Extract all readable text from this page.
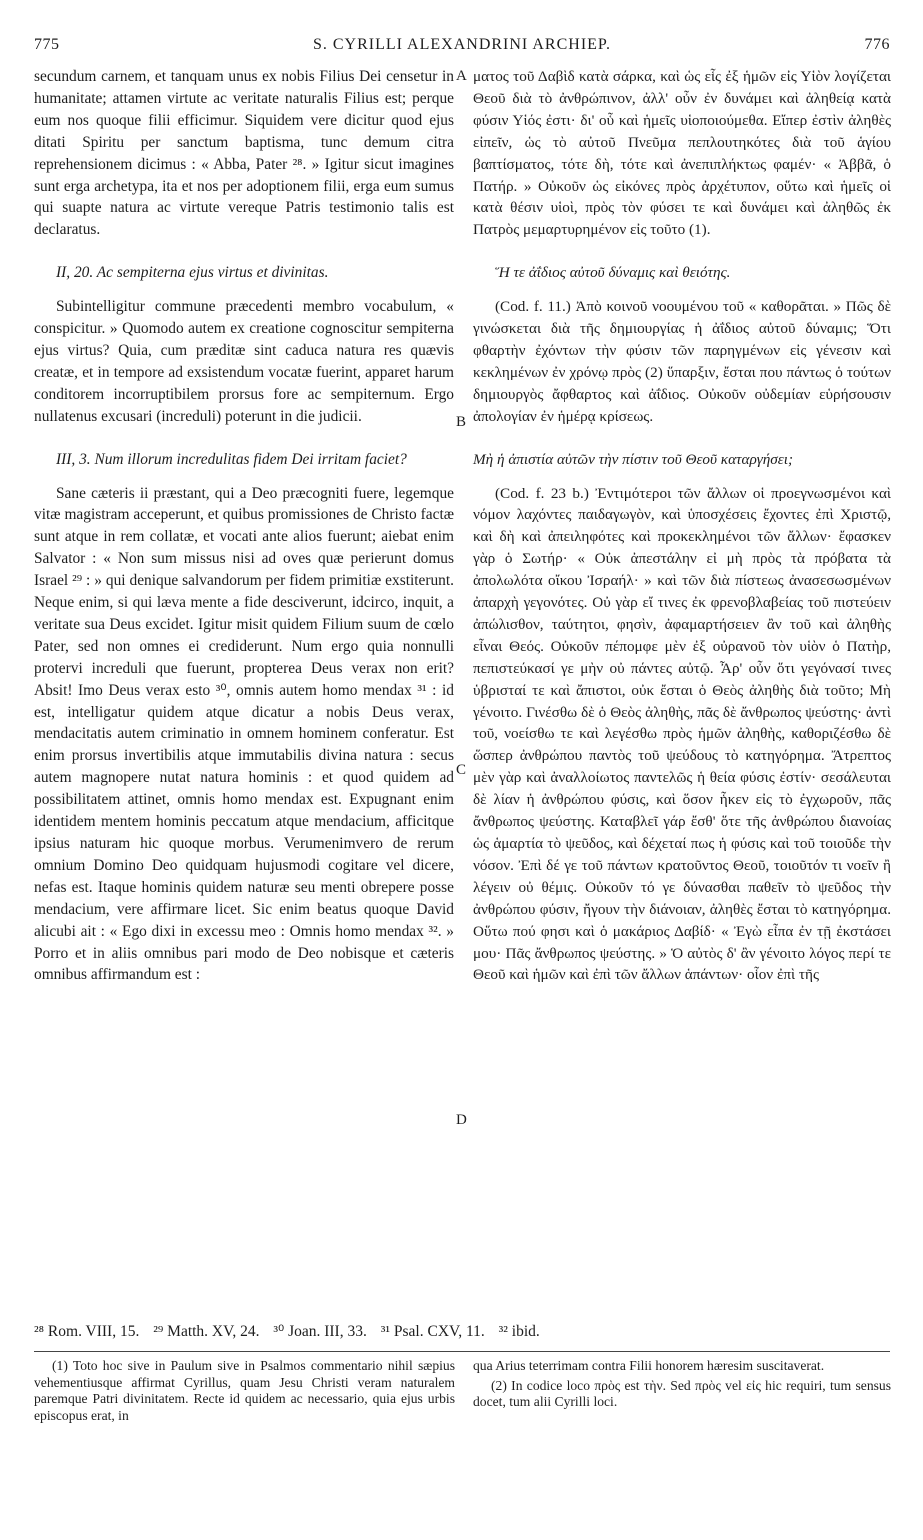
775	S. CYRILLI ALEXANDRINI ARCHIEP.	776

secundum carnem, et tanquam unus ex nobis Filius Dei censetur in humanitate; attamen virtute ac veritate naturalis Filius est; perque eum nos quoque filii efficimur. Siquidem vere dicitur quod ejus ditati Spiritu per sanctum baptisma, tunc demum citra reprehensionem dicimus : « Abba, Pater ²⁸. » Igitur sicut imagines sunt erga archetypa, ita et nos per adoptionem filii, erga eum sumus qui suapte natura ac virtute vereque Patris testimonio talis est declaratus.

II, 20. Ac sempiterna ejus virtus et divinitas.

Subintelligitur commune præcedenti membro vocabulum, « conspicitur. » Quomodo autem ex creatione cognoscitur sempiterna ejus virtus? Quia, cum præditæ sint caduca natura res quævis creatæ, et in tempore ad exsistendum vocatæ fuerint, apparet harum conditorem incorruptibilem prorsus fore ac sempiternum. Ergo nullatenus excusari (increduli) poterunt in die judicii.

III, 3. Num illorum incredulitas fidem Dei irritam faciet?

Sane cæteris ii præstant, qui a Deo præcogniti fuere, legemque vitæ magistram acceperunt, et quibus promissiones de Christo factæ sunt atque in rem collatæ, et vocati ante alios fuerunt; aiebat enim Salvator : « Non sum missus nisi ad oves quæ perierunt domus Israel ²⁹ : » qui denique salvandorum per fidem primitiæ exstiterunt. Neque enim, si qui læva mente a fide desciverunt, idcirco, inquit, a veritate sua Deus excidet. Igitur misit quidem Filium suum de cœlo Pater, sed non omnes ei crediderunt. Num ergo quia nonnulli protervi increduli que fuerunt, propterea Deus verax non erit? Absit! Imo Deus verax esto ³⁰, omnis autem homo mendax ³¹ : id est, intelligatur quidem atque dicatur a nobis Deus verax, mendacitatis autem criminatio in omnem hominem conferatur. Est enim prorsus invertibilis atque immutabilis divina natura : secus autem magnopere nutat natura hominis : et quod quidem ad possibilitatem attinet, omnis homo mendax est. Expugnant enim identidem mentem hominis peccatum atque mendacium, afficitque ipsius naturam hic quoque morbus. Verumenimvero de rerum omnium Domino Deo quidquam hujusmodi cogitare vel dicere, nefas est. Itaque hominis quidem naturæ seu menti obrepere posse mendacium, vere affirmare licet. Sic enim beatus quoque David alicubi ait : « Ego dixi in excessu meo : Omnis homo mendax ³². » Porro et in aliis omnibus pari modo de Deo nobisque et cæteris omnibus affirmandum est :

A
B
C
D

ματος τοῦ Δαβὶδ κατὰ σάρκα, καὶ ὡς εἷς ἐξ ἡμῶν εἰς Υἱὸν λογίζεται Θεοῦ διὰ τὸ ἀνθρώπινον, ἀλλ' οὖν ἐν δυνάμει καὶ ἀληθείᾳ κατὰ φύσιν Υἱός ἐστι· δι' οὗ καὶ ἡμεῖς υἱοποιούμεθα. Εἴπερ ἐστὶν ἀληθὲς εἰπεῖν, ὡς τὸ αὐτοῦ Πνεῦμα πεπλουτηκότες διὰ τοῦ ἁγίου βαπτίσματος, τότε δὴ, τότε καὶ ἀνεπιπλήκτως φαμέν· « Ἀββᾶ, ὁ Πατήρ. » Οὐκοῦν ὡς εἰκόνες πρὸς ἀρχέτυπον, οὕτω καὶ ἡμεῖς οἱ κατὰ θέσιν υἱοὶ, πρὸς τὸν φύσει τε καὶ δυνάμει καὶ ἀληθῶς ἐκ Πατρὸς μεμαρτυρημένον εἰς τοῦτο (1).

Ἥ τε ἀΐδιος αὐτοῦ δύναμις καὶ θειότης.

(Cod. f. 11.) Ἀπὸ κοινοῦ νοουμένου τοῦ « καθορᾶται. » Πῶς δὲ γινώσκεται διὰ τῆς δημιουργίας ἡ ἀΐδιος αὐτοῦ δύναμις; Ὅτι φθαρτὴν ἐχόντων τὴν φύσιν τῶν παρηγμένων εἰς γένεσιν καὶ κεκλημένων ἐν χρόνῳ πρὸς (2) ὕπαρξιν, ἔσται που πάντως ὁ τούτων δημιουργὸς ἄφθαρτος καὶ ἀΐδιος. Οὐκοῦν οὐδεμίαν εὑρήσουσιν ἀπολογίαν ἐν ἡμέρᾳ κρίσεως.

Μὴ ἡ ἀπιστία αὐτῶν τὴν πίστιν τοῦ Θεοῦ καταργήσει;

(Cod. f. 23 b.) Ἐντιμότεροι τῶν ἄλλων οἱ προεγνωσμένοι καὶ νόμον λαχόντες παιδαγωγὸν, καὶ ὑποσχέσεις ἔχοντες ἐπὶ Χριστῷ, καὶ δὴ καὶ ἀπειληφότες καὶ προκεκλημένοι τῶν ἄλλων· ἔφασκεν γὰρ ὁ Σωτήρ· « Οὐκ ἀπεστάλην εἰ μὴ πρὸς τὰ πρόβατα τὰ ἀπολωλότα οἴκου Ἰσραήλ· » καὶ τῶν διὰ πίστεως ἀνασεσωσμένων ἀπαρχὴ γεγονότες. Οὐ γὰρ εἴ τινες ἐκ φρενοβλαβείας τοῦ πιστεύειν ἀπώλισθον, ταύτητοι, φησὶν, ἀφαμαρτήσειεν ἂν τοῦ καὶ ἀληθὴς εἶναι Θεός. Οὐκοῦν πέπομφε μὲν ἐξ οὐρανοῦ τὸν υἱὸν ὁ Πατὴρ, πεπιστεύκασί γε μὴν οὐ πάντες αὐτῷ. Ἆρ' οὖν ὅτι γεγόνασί τινες ὑβρισταί τε καὶ ἄπιστοι, οὐκ ἔσται ὁ Θεὸς ἀληθὴς διὰ τοῦτο; Μὴ γένοιτο. Γινέσθω δὲ ὁ Θεὸς ἀληθὴς, πᾶς δὲ ἄνθρωπος ψεύστης· ἀντὶ τοῦ, νοείσθω τε καὶ λεγέσθω πρὸς ἡμῶν ἀληθὴς, καθοριζέσθω δὲ ὥσπερ ἀνθρώπου παντὸς τοῦ ψεύδους τὸ κατηγόρημα. Ἄτρεπτος μὲν γὰρ καὶ ἀναλλοίωτος παντελῶς ἡ θεία φύσις ἐστίν· σεσάλευται δὲ λίαν ἡ ἀνθρώπου φύσις, καὶ ὅσον ἧκεν εἰς τὸ ἐγχωροῦν, πᾶς ἄνθρωπος ψεύστης. Καταβλεῖ γάρ ἔσθ' ὅτε τῆς ἀνθρώπου διανοίας ὡς ἁμαρτία τὸ ψεῦδος, καὶ δέχεταί πως ἡ φύσις καὶ τοῦ τοιοῦδε τὴν νόσον. Ἐπὶ δέ γε τοῦ πάντων κρατοῦντος Θεοῦ, τοιοῦτόν τι νοεῖν ἢ λέγειν οὐ θέμις. Οὐκοῦν τό γε δύνασθαι παθεῖν τὸ ψεῦδος τὴν ἀνθρώπου φύσιν, ἤγουν τὴν διάνοιαν, ἀληθὲς ἔσται τὸ κατηγόρημα. Οὕτω πού φησι καὶ ὁ μακάριος Δαβίδ· « Ἐγὼ εἶπα ἐν τῇ ἐκστάσει μου· Πᾶς ἄνθρωπος ψεύστης. » Ὁ αὐτὸς δ' ἂν γένοιτο λόγος περί τε Θεοῦ καὶ ἡμῶν καὶ ἐπὶ τῶν ἄλλων ἁπάντων· οἷον ἐπὶ τῆς

²⁸ Rom. VIII, 15. ²⁹ Matth. XV, 24. ³⁰ Joan. III, 33. ³¹ Psal. CXV, 11. ³² ibid.

(1) Toto hoc sive in Paulum sive in Psalmos commentario nihil sæpius vehementiusque affirmat Cyrillus, quam Jesu Christi veram naturalem paremque Patri divinitatem. Recte id quidem ac necessario, quia ejus urbis episcopus erat, in

qua Arius teterrimam contra Filii honorem hæresim suscitaverat.

(2) In codice loco πρὸς est τὴν. Sed πρὸς vel εἰς hic requiri, tum sensus docet, tum alii Cyrilli loci.
